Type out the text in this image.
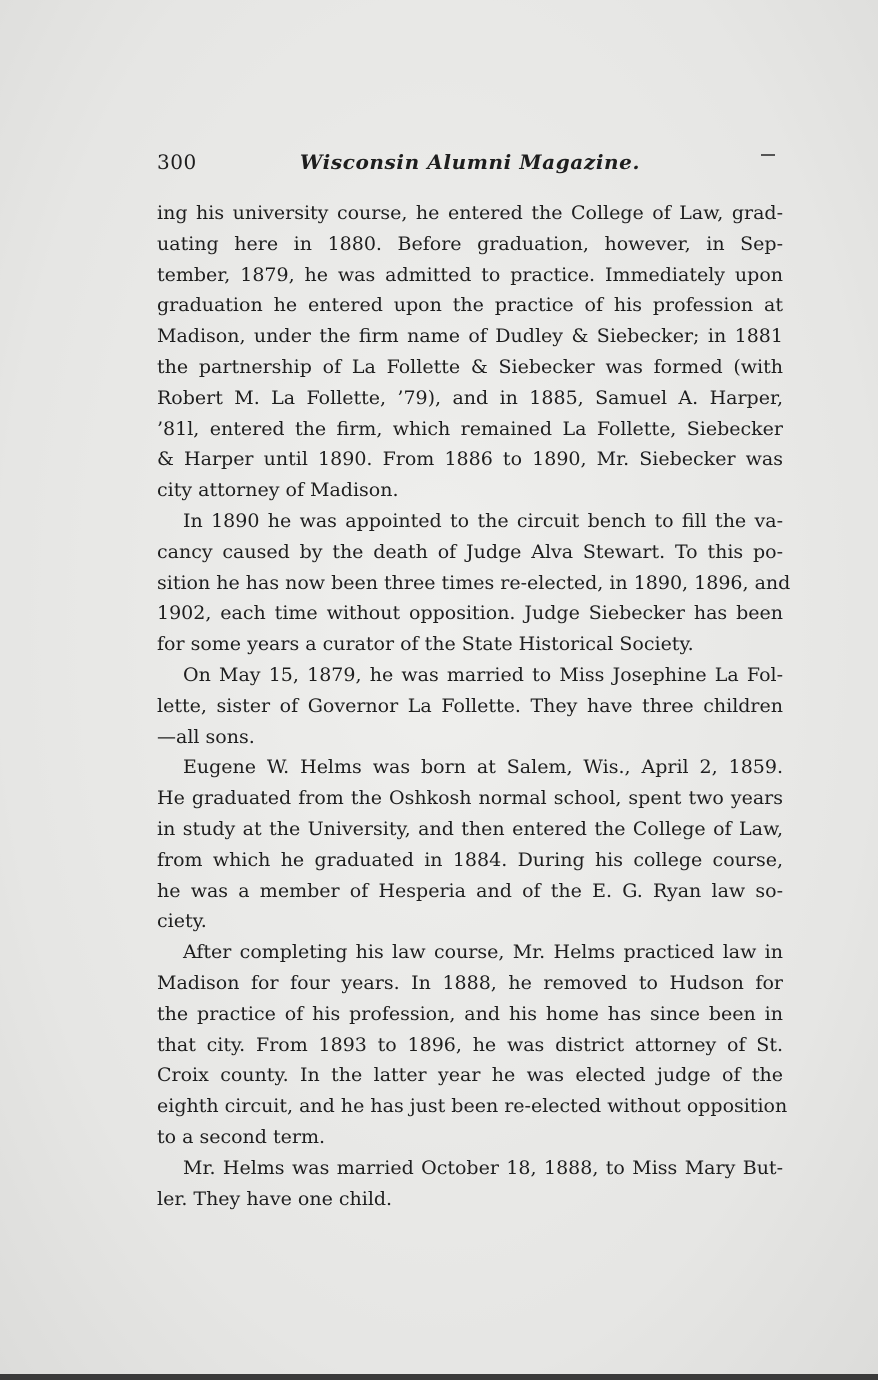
300	Wisconsin Alumni Magazine.

ing his university course, he entered the College of Law, grad-
uating here in 1880. Before graduation, however, in Sep-
tember, 1879, he was admitted to practice. Immediately upon
graduation he entered upon the practice of his profession at
Madison, under the firm name of Dudley & Siebecker; in 1881
the partnership of La Follette & Siebecker was formed (with
Robert M. La Follette, ’79), and in 1885, Samuel A. Harper,
’81l, entered the firm, which remained La Follette, Siebecker
& Harper until 1890. From 1886 to 1890, Mr. Siebecker was
city attorney of Madison.

In 1890 he was appointed to the circuit bench to fill the va-
cancy caused by the death of Judge Alva Stewart. To this po-
sition he has now been three times re-elected, in 1890, 1896, and
1902, each time without opposition. Judge Siebecker has been
for some years a curator of the State Historical Society.

On May 15, 1879, he was married to Miss Josephine La Fol-
lette, sister of Governor La Follette. They have three children
—all sons.

Eugene W. Helms was born at Salem, Wis., April 2, 1859.
He graduated from the Oshkosh normal school, spent two years
in study at the University, and then entered the College of Law,
from which he graduated in 1884. During his college course,
he was a member of Hesperia and of the E. G. Ryan law so-
ciety.

After completing his law course, Mr. Helms practiced law in
Madison for four years. In 1888, he removed to Hudson for
the practice of his profession, and his home has since been in
that city. From 1893 to 1896, he was district attorney of St.
Croix county. In the latter year he was elected judge of the
eighth circuit, and he has just been re-elected without opposition
to a second term.

Mr. Helms was married October 18, 1888, to Miss Mary But-
ler. They have one child.
